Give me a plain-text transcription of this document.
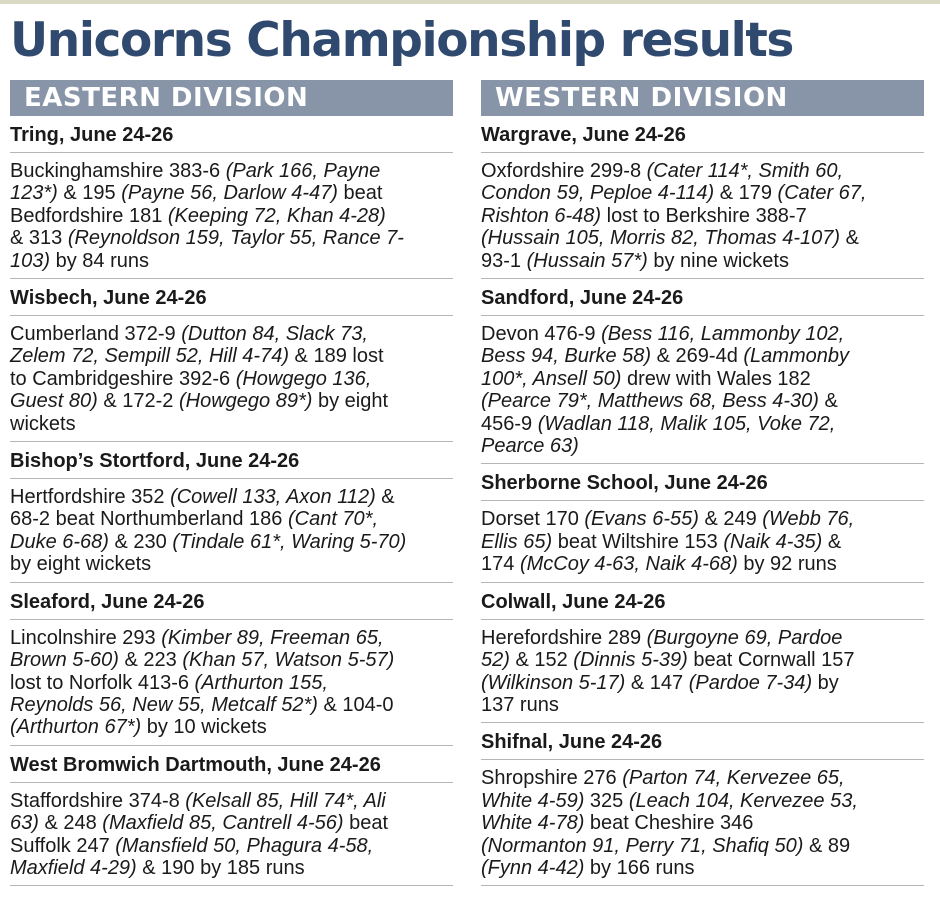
Unicorns Championship results
EASTERN DIVISION
Tring, June 24-26

Buckinghamshire 383-6 (Park 166, Payne

123*) & 195 (Payne 56, Darlow 4-47) beat

Bedfordshire 181 (Keeping 72, Khan 4-28)

& 313 (Reynoldson 159, Taylor 55, Rance 7-

103) by 84 runs

Wisbech, June 24-26

Cumberland 372-9 (Dutton 84, Slack 73,

Zelem 72, Sempill 52, Hill 4-74) & 189 lost

to Cambridgeshire 392-6 (Howgego 136,

Guest 80) & 172-2 (Howgego 89*) by eight

wickets

Bishop’s Stortford, June 24-26

Hertfordshire 352 (Cowell 133, Axon 112) &

68-2 beat Northumberland 186 (Cant 70*,

Duke 6-68) & 230 (Tindale 61*, Waring 5-70)

by eight wickets

Sleaford, June 24-26

Lincolnshire 293 (Kimber 89, Freeman 65,

Brown 5-60) & 223 (Khan 57, Watson 5-57)

lost to Norfolk 413-6 (Arthurton 155,

Reynolds 56, New 55, Metcalf 52*) & 104-0

(Arthurton 67*) by 10 wickets

West Bromwich Dartmouth, June 24-26

Staffordshire 374-8 (Kelsall 85, Hill 74*, Ali

63) & 248 (Maxfield 85, Cantrell 4-56) beat

Suffolk 247 (Mansfield 50, Phagura 4-58,

Maxfield 4-29) & 190 by 185 runs

WESTERN DIVISION
Wargrave, June 24-26

Oxfordshire 299-8 (Cater 114*, Smith 60,

Condon 59, Peploe 4-114) & 179 (Cater 67,

Rishton 6-48) lost to Berkshire 388-7

(Hussain 105, Morris 82, Thomas 4-107) &

93-1 (Hussain 57*) by nine wickets

Sandford, June 24-26

Devon 476-9 (Bess 116, Lammonby 102,

Bess 94, Burke 58) & 269-4d (Lammonby

100*, Ansell 50) drew with Wales 182

(Pearce 79*, Matthews 68, Bess 4-30) &

456-9 (Wadlan 118, Malik 105, Voke 72,

Pearce 63)

Sherborne School, June 24-26

Dorset 170 (Evans 6-55) & 249 (Webb 76,

Ellis 65) beat Wiltshire 153 (Naik 4-35) &

174 (McCoy 4-63, Naik 4-68) by 92 runs

Colwall, June 24-26

Herefordshire 289 (Burgoyne 69, Pardoe

52) & 152 (Dinnis 5-39) beat Cornwall 157

(Wilkinson 5-17) & 147 (Pardoe 7-34) by

137 runs

Shifnal, June 24-26

Shropshire 276 (Parton 74, Kervezee 65,

White 4-59) 325 (Leach 104, Kervezee 53,

White 4-78) beat Cheshire 346

(Normanton 91, Perry 71, Shafiq 50) & 89

(Fynn 4-42) by 166 runs
